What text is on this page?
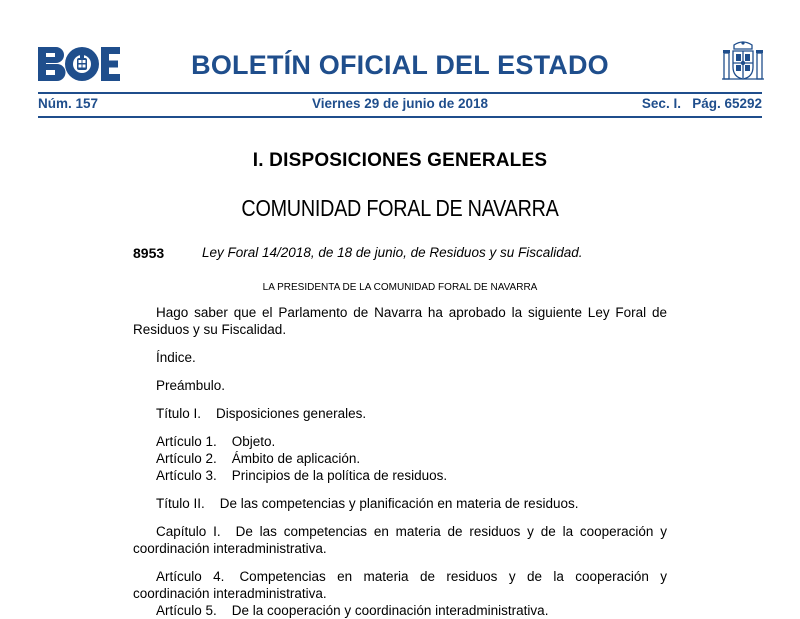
BOLETÍN OFICIAL DEL ESTADO
Núm. 157	Viernes 29 de junio de 2018	Sec. I.   Pág. 65292
I. DISPOSICIONES GENERALES
COMUNIDAD FORAL DE NAVARRA
8953	Ley Foral 14/2018, de 18 de junio, de Residuos y su Fiscalidad.
LA PRESIDENTA DE LA COMUNIDAD FORAL DE NAVARRA

Hago saber que el Parlamento de Navarra ha aprobado la siguiente Ley Foral de Residuos y su Fiscalidad.

Índice.

Preámbulo.

Título I. Disposiciones generales.

Artículo 1. Objeto.

Artículo 2. Ámbito de aplicación.

Artículo 3. Principios de la política de residuos.

Título II. De las competencias y planificación en materia de residuos.

Capítulo I. De las competencias en materia de residuos y de la cooperación y coordinación interadministrativa.

Artículo 4. Competencias en materia de residuos y de la cooperación y coordinación interadministrativa.

Artículo 5. De la cooperación y coordinación interadministrativa.
